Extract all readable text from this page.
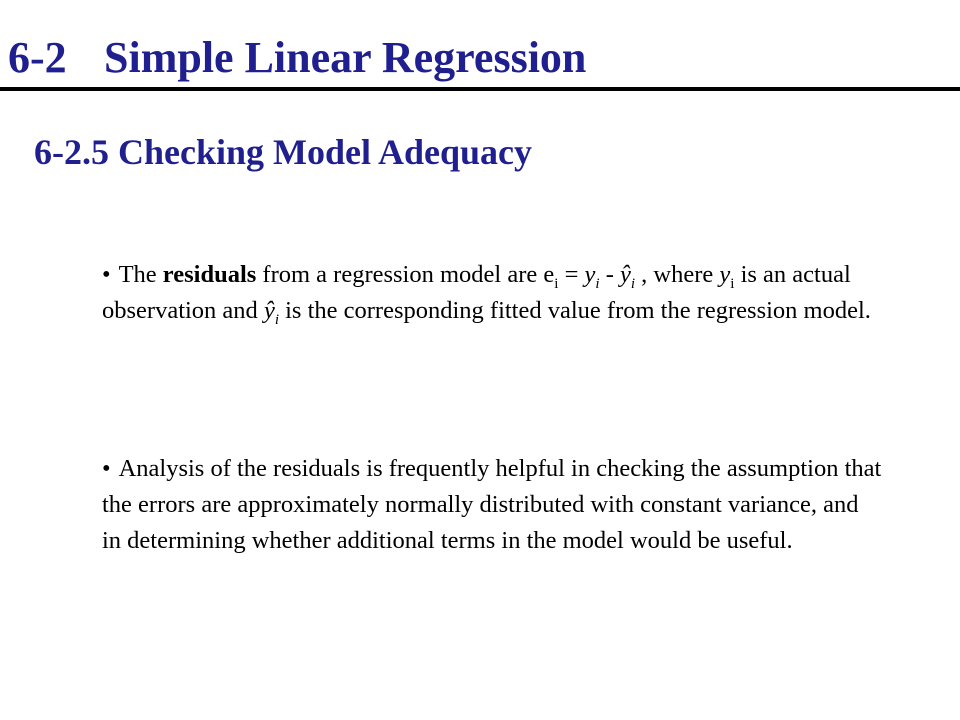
6-2 Simple Linear Regression
6-2.5 Checking Model Adequacy

• The residuals from a regression model are $e_i = y_i$ - $ŷ_i$ , where $y_i$ is an actual observation and $ŷ_i$ is the corresponding fitted value from the regression model.

• Analysis of the residuals is frequently helpful in checking the assumption that the errors are approximately normally distributed with constant variance, and in determining whether additional terms in the model would be useful.
